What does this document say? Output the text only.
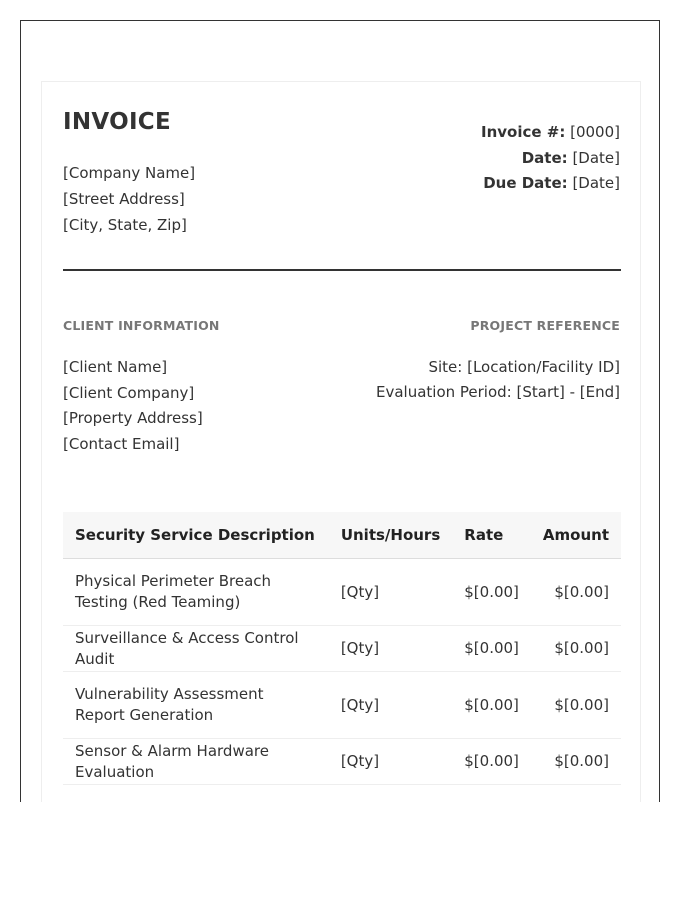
INVOICE
[Company Name]
[Street Address]
[City, State, Zip]
Invoice #: [0000]
Date: [Date]
Due Date: [Date]
CLIENT INFORMATION	PROJECT REFERENCE
[Client Name]
[Client Company]
[Property Address]
[Contact Email]
Site: [Location/Facility ID]
Evaluation Period: [Start] - [End]
Security Service Description	Units/Hours	Rate	Amount
Physical Perimeter Breach Testing (Red Teaming)	[Qty]	$[0.00]	$[0.00]
Surveillance & Access Control Audit	[Qty]	$[0.00]	$[0.00]
Vulnerability Assessment Report Generation	[Qty]	$[0.00]	$[0.00]
Sensor & Alarm Hardware Evaluation	[Qty]	$[0.00]	$[0.00]
